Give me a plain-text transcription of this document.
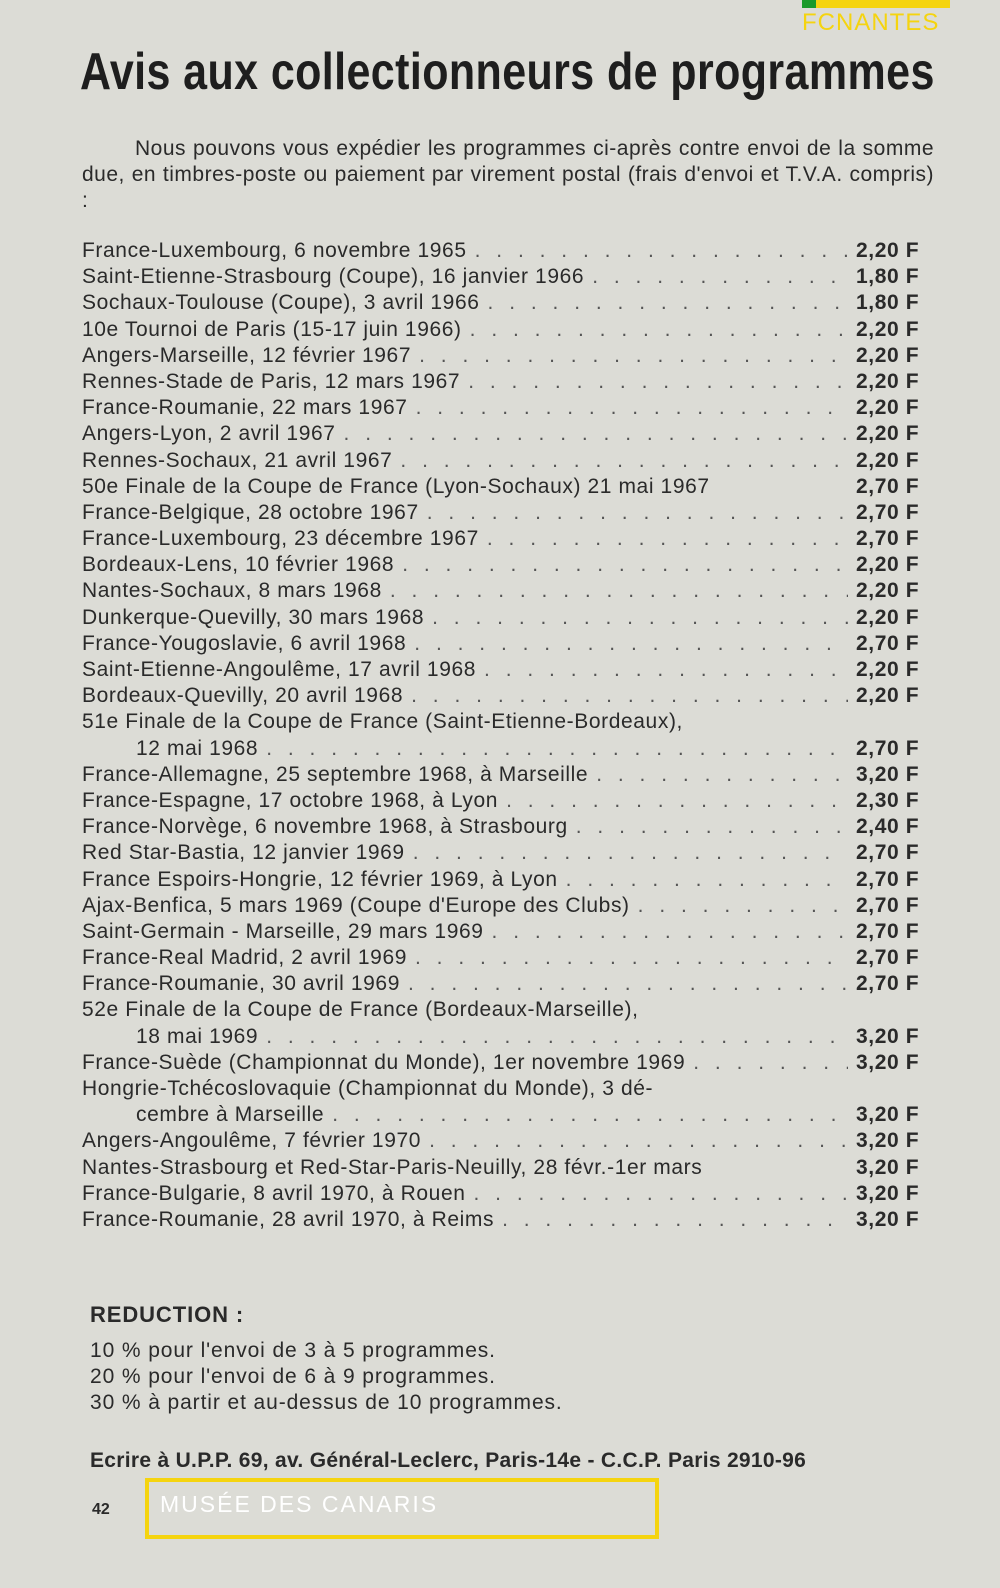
FCNANTES
Avis aux collectionneurs de programmes

Nous pouvons vous expédier les programmes ci-après contre envoi de la somme due, en timbres-poste ou paiement par virement postal (frais d'envoi et T.V.A. compris) :

France-Luxembourg, 6 novembre 1965 . . .	2,20 F
Saint-Etienne-Strasbourg (Coupe), 16 janvier 1966 . . .	1,80 F
Sochaux-Toulouse (Coupe), 3 avril 1966 . . .	1,80 F
10e Tournoi de Paris (15-17 juin 1966) . . .	2,20 F
Angers-Marseille, 12 février 1967 . . .	2,20 F
Rennes-Stade de Paris, 12 mars 1967 . . .	2,20 F
France-Roumanie, 22 mars 1967 . . .	2,20 F
Angers-Lyon, 2 avril 1967 . . .	2,20 F
Rennes-Sochaux, 21 avril 1967 . . .	2,20 F
50e Finale de la Coupe de France (Lyon-Sochaux) 21 mai 1967	2,70 F
France-Belgique, 28 octobre 1967 . . .	2,70 F
France-Luxembourg, 23 décembre 1967 . . .	2,70 F
Bordeaux-Lens, 10 février 1968 . . .	2,20 F
Nantes-Sochaux, 8 mars 1968 . . .	2,20 F
Dunkerque-Quevilly, 30 mars 1968 . . .	2,20 F
France-Yougoslavie, 6 avril 1968 . . .	2,70 F
Saint-Etienne-Angoulême, 17 avril 1968 . . .	2,20 F
Bordeaux-Quevilly, 20 avril 1968 . . .	2,20 F
51e Finale de la Coupe de France (Saint-Etienne-Bordeaux),
12 mai 1968 . . .	2,70 F
France-Allemagne, 25 septembre 1968, à Marseille . . .	3,20 F
France-Espagne, 17 octobre 1968, à Lyon . . .	2,30 F
France-Norvège, 6 novembre 1968, à Strasbourg . . .	2,40 F
Red Star-Bastia, 12 janvier 1969 . . .	2,70 F
France Espoirs-Hongrie, 12 février 1969, à Lyon . . .	2,70 F
Ajax-Benfica, 5 mars 1969 (Coupe d'Europe des Clubs) . . .	2,70 F
Saint-Germain - Marseille, 29 mars 1969 . . .	2,70 F
France-Real Madrid, 2 avril 1969 . . .	2,70 F
France-Roumanie, 30 avril 1969 . . .	2,70 F
52e Finale de la Coupe de France (Bordeaux-Marseille),
18 mai 1969 . . .	3,20 F
France-Suède (Championnat du Monde), 1er novembre 1969 . . .	3,20 F
Hongrie-Tchécoslovaquie (Championnat du Monde), 3 dé-
cembre à Marseille . . .	3,20 F
Angers-Angoulême, 7 février 1970 . . .	3,20 F
Nantes-Strasbourg et Red-Star-Paris-Neuilly, 28 févr.-1er mars	3,20 F
France-Bulgarie, 8 avril 1970, à Rouen . . .	3,20 F
France-Roumanie, 28 avril 1970, à Reims . . .	3,20 F
REDUCTION :
10 % pour l'envoi de 3 à 5 programmes.
20 % pour l'envoi de 6 à 9 programmes.
30 % à partir et au-dessus de 10 programmes.
Ecrire à U.P.P. 69, av. Général-Leclerc, Paris-14e - C.C.P. Paris 2910-96
42 MUSÉE DES CANARIS
